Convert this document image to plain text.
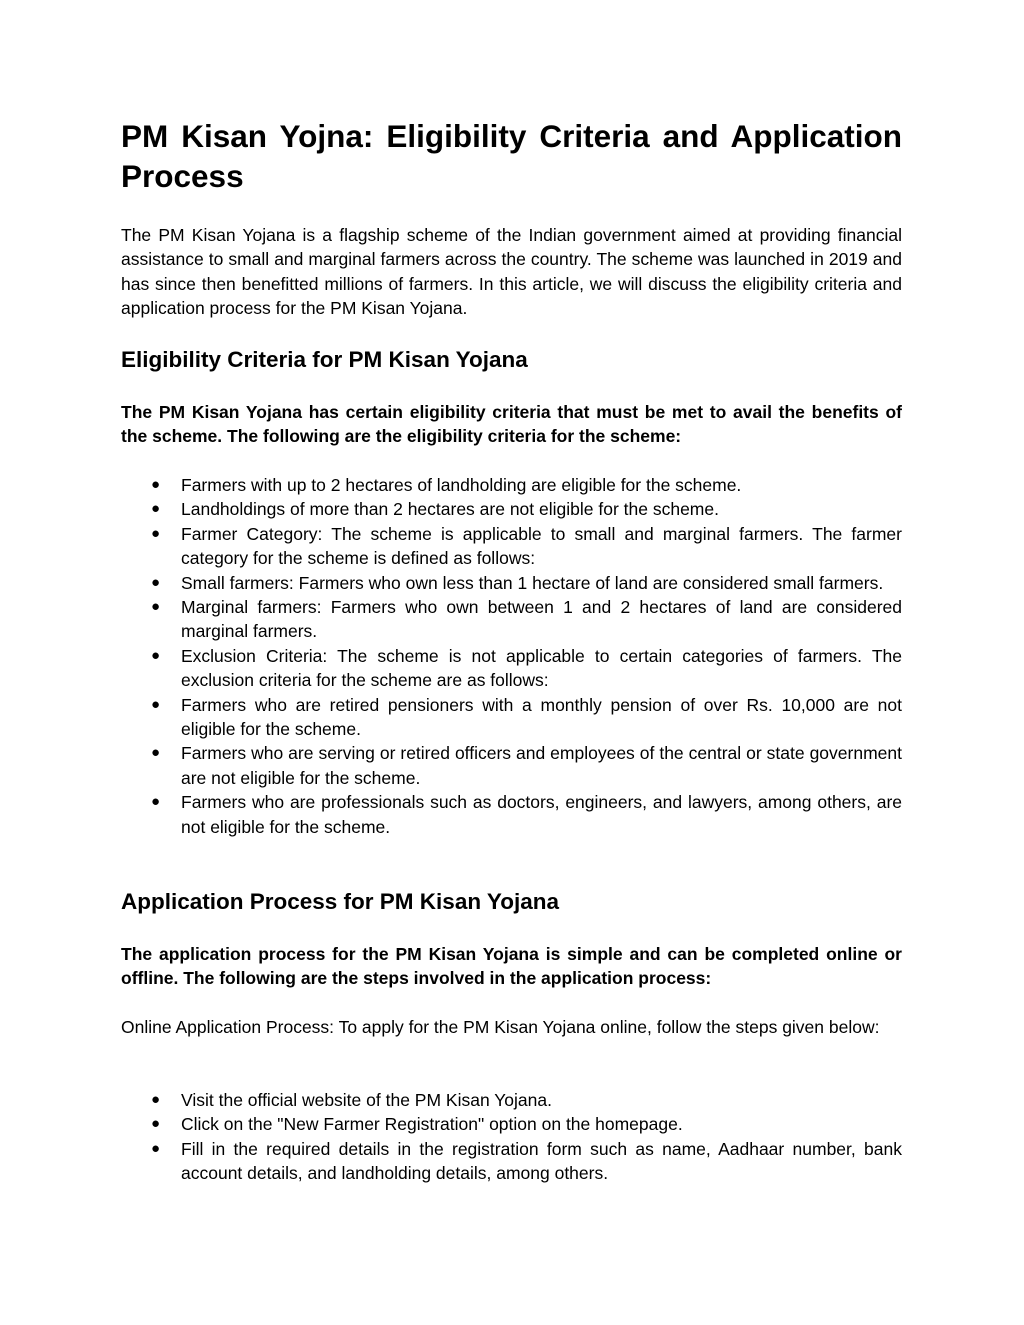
PM Kisan Yojna: Eligibility Criteria and Application Process

The PM Kisan Yojana is a flagship scheme of the Indian government aimed at providing financial assistance to small and marginal farmers across the country. The scheme was launched in 2019 and has since then benefitted millions of farmers. In this article, we will discuss the eligibility criteria and application process for the PM Kisan Yojana.

Eligibility Criteria for PM Kisan Yojana

The PM Kisan Yojana has certain eligibility criteria that must be met to avail the benefits of the scheme. The following are the eligibility criteria for the scheme:

● Farmers with up to 2 hectares of landholding are eligible for the scheme.
● Landholdings of more than 2 hectares are not eligible for the scheme.
● Farmer Category: The scheme is applicable to small and marginal farmers. The farmer category for the scheme is defined as follows:
● Small farmers: Farmers who own less than 1 hectare of land are considered small farmers.
● Marginal farmers: Farmers who own between 1 and 2 hectares of land are considered marginal farmers.
● Exclusion Criteria: The scheme is not applicable to certain categories of farmers. The exclusion criteria for the scheme are as follows:
● Farmers who are retired pensioners with a monthly pension of over Rs. 10,000 are not eligible for the scheme.
● Farmers who are serving or retired officers and employees of the central or state government are not eligible for the scheme.
● Farmers who are professionals such as doctors, engineers, and lawyers, among others, are not eligible for the scheme.
Application Process for PM Kisan Yojana

The application process for the PM Kisan Yojana is simple and can be completed online or offline. The following are the steps involved in the application process:

Online Application Process: To apply for the PM Kisan Yojana online, follow the steps given below:

● Visit the official website of the PM Kisan Yojana.
● Click on the "New Farmer Registration" option on the homepage.
● Fill in the required details in the registration form such as name, Aadhaar number, bank account details, and landholding details, among others.
